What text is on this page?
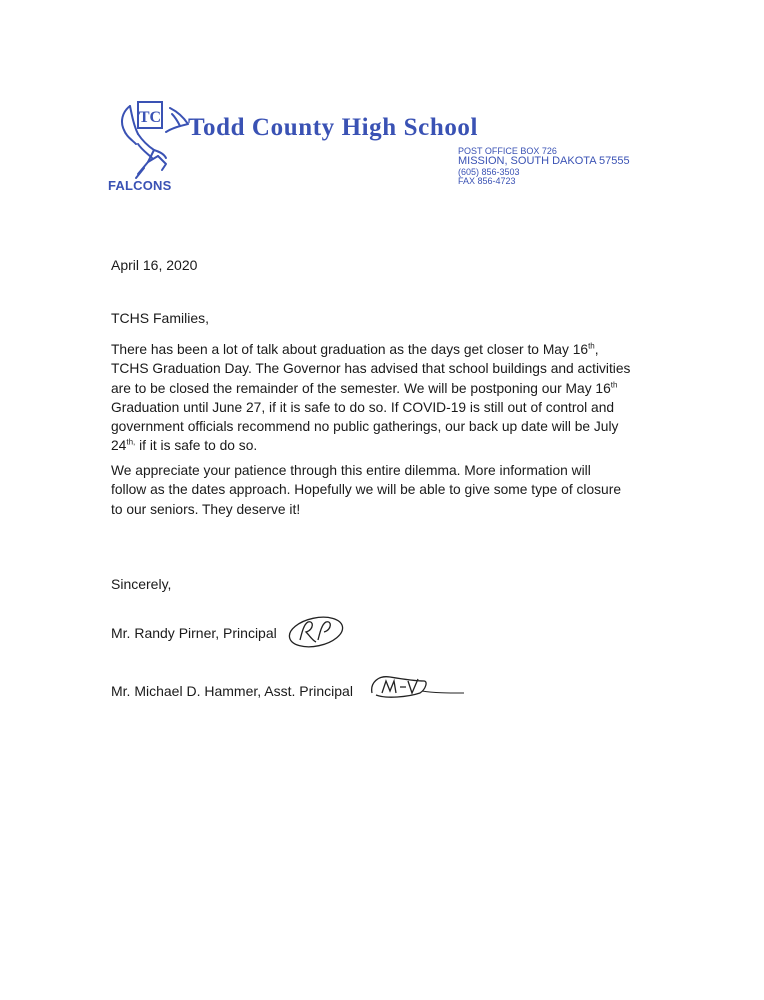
TC
FALCONS
Todd County High School
POST OFFICE BOX 726
MISSION, SOUTH DAKOTA 57555
(605) 856-3503
FAX 856-4723
April 16, 2020
TCHS Families,

There has been a lot of talk about graduation as the days get closer to May 16th,
TCHS Graduation Day. The Governor has advised that school buildings and activities
are to be closed the remainder of the semester. We will be postponing our May 16th
Graduation until June 27, if it is safe to do so. If COVID-19 is still out of control and
government officials recommend no public gatherings, our back up date will be July
$24^{th,}$ if it is safe to do so.

We appreciate your patience through this entire dilemma. More information will
follow as the dates approach. Hopefully we will be able to give some type of closure
to our seniors. They deserve it!

Sincerely,
Mr. Randy Pirner, Principal
Mr. Michael D. Hammer, Asst. Principal
